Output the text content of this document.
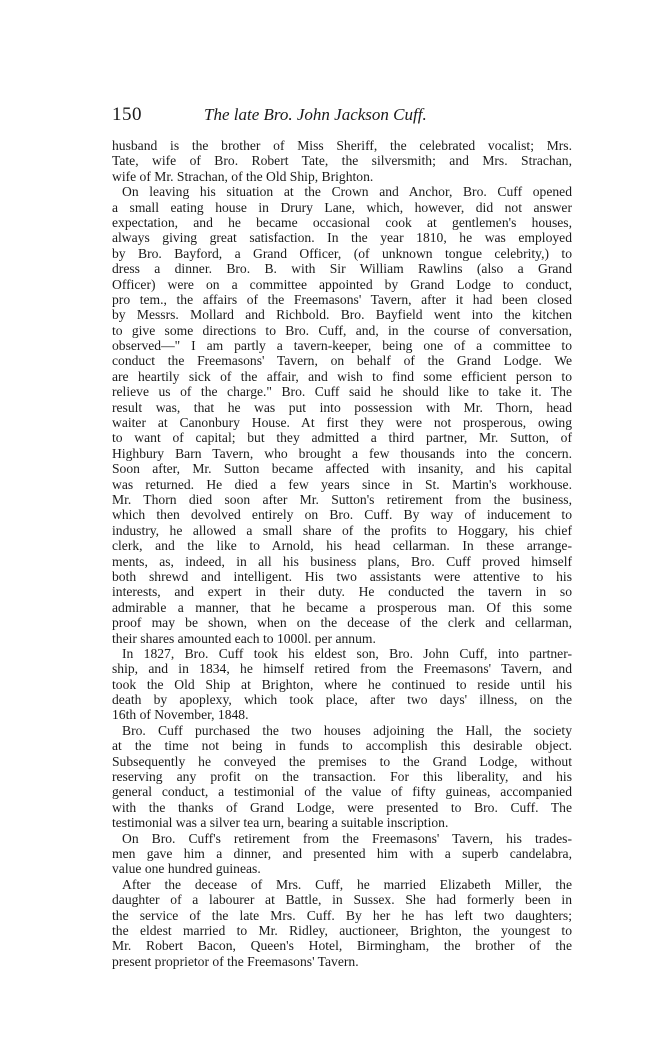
150	The late Bro. John Jackson Cuff.
husband is the brother of Miss Sheriff, the celebrated vocalist; Mrs.
Tate, wife of Bro. Robert Tate, the silversmith; and Mrs. Strachan,
wife of Mr. Strachan, of the Old Ship, Brighton.
On leaving his situation at the Crown and Anchor, Bro. Cuff opened
a small eating house in Drury Lane, which, however, did not answer
expectation, and he became occasional cook at gentlemen's houses,
always giving great satisfaction. In the year 1810, he was employed
by Bro. Bayford, a Grand Officer, (of unknown tongue celebrity,) to
dress a dinner. Bro. B. with Sir William Rawlins (also a Grand
Officer) were on a committee appointed by Grand Lodge to conduct,
pro tem., the affairs of the Freemasons' Tavern, after it had been closed
by Messrs. Mollard and Richbold. Bro. Bayfield went into the kitchen
to give some directions to Bro. Cuff, and, in the course of conversation,
observed—" I am partly a tavern-keeper, being one of a committee to
conduct the Freemasons' Tavern, on behalf of the Grand Lodge. We
are heartily sick of the affair, and wish to find some efficient person to
relieve us of the charge." Bro. Cuff said he should like to take it. The
result was, that he was put into possession with Mr. Thorn, head
waiter at Canonbury House. At first they were not prosperous, owing
to want of capital; but they admitted a third partner, Mr. Sutton, of
Highbury Barn Tavern, who brought a few thousands into the concern.
Soon after, Mr. Sutton became affected with insanity, and his capital
was returned. He died a few years since in St. Martin's workhouse.
Mr. Thorn died soon after Mr. Sutton's retirement from the business,
which then devolved entirely on Bro. Cuff. By way of inducement to
industry, he allowed a small share of the profits to Hoggary, his chief
clerk, and the like to Arnold, his head cellarman. In these arrange-
ments, as, indeed, in all his business plans, Bro. Cuff proved himself
both shrewd and intelligent. His two assistants were attentive to his
interests, and expert in their duty. He conducted the tavern in so
admirable a manner, that he became a prosperous man. Of this some
proof may be shown, when on the decease of the clerk and cellarman,
their shares amounted each to 1000l. per annum.
In 1827, Bro. Cuff took his eldest son, Bro. John Cuff, into partner-
ship, and in 1834, he himself retired from the Freemasons' Tavern, and
took the Old Ship at Brighton, where he continued to reside until his
death by apoplexy, which took place, after two days' illness, on the
16th of November, 1848.
Bro. Cuff purchased the two houses adjoining the Hall, the society
at the time not being in funds to accomplish this desirable object.
Subsequently he conveyed the premises to the Grand Lodge, without
reserving any profit on the transaction. For this liberality, and his
general conduct, a testimonial of the value of fifty guineas, accompanied
with the thanks of Grand Lodge, were presented to Bro. Cuff. The
testimonial was a silver tea urn, bearing a suitable inscription.
On Bro. Cuff's retirement from the Freemasons' Tavern, his trades-
men gave him a dinner, and presented him with a superb candelabra,
value one hundred guineas.
After the decease of Mrs. Cuff, he married Elizabeth Miller, the
daughter of a labourer at Battle, in Sussex. She had formerly been in
the service of the late Mrs. Cuff. By her he has left two daughters;
the eldest married to Mr. Ridley, auctioneer, Brighton, the youngest to
Mr. Robert Bacon, Queen's Hotel, Birmingham, the brother of the
present proprietor of the Freemasons' Tavern.
